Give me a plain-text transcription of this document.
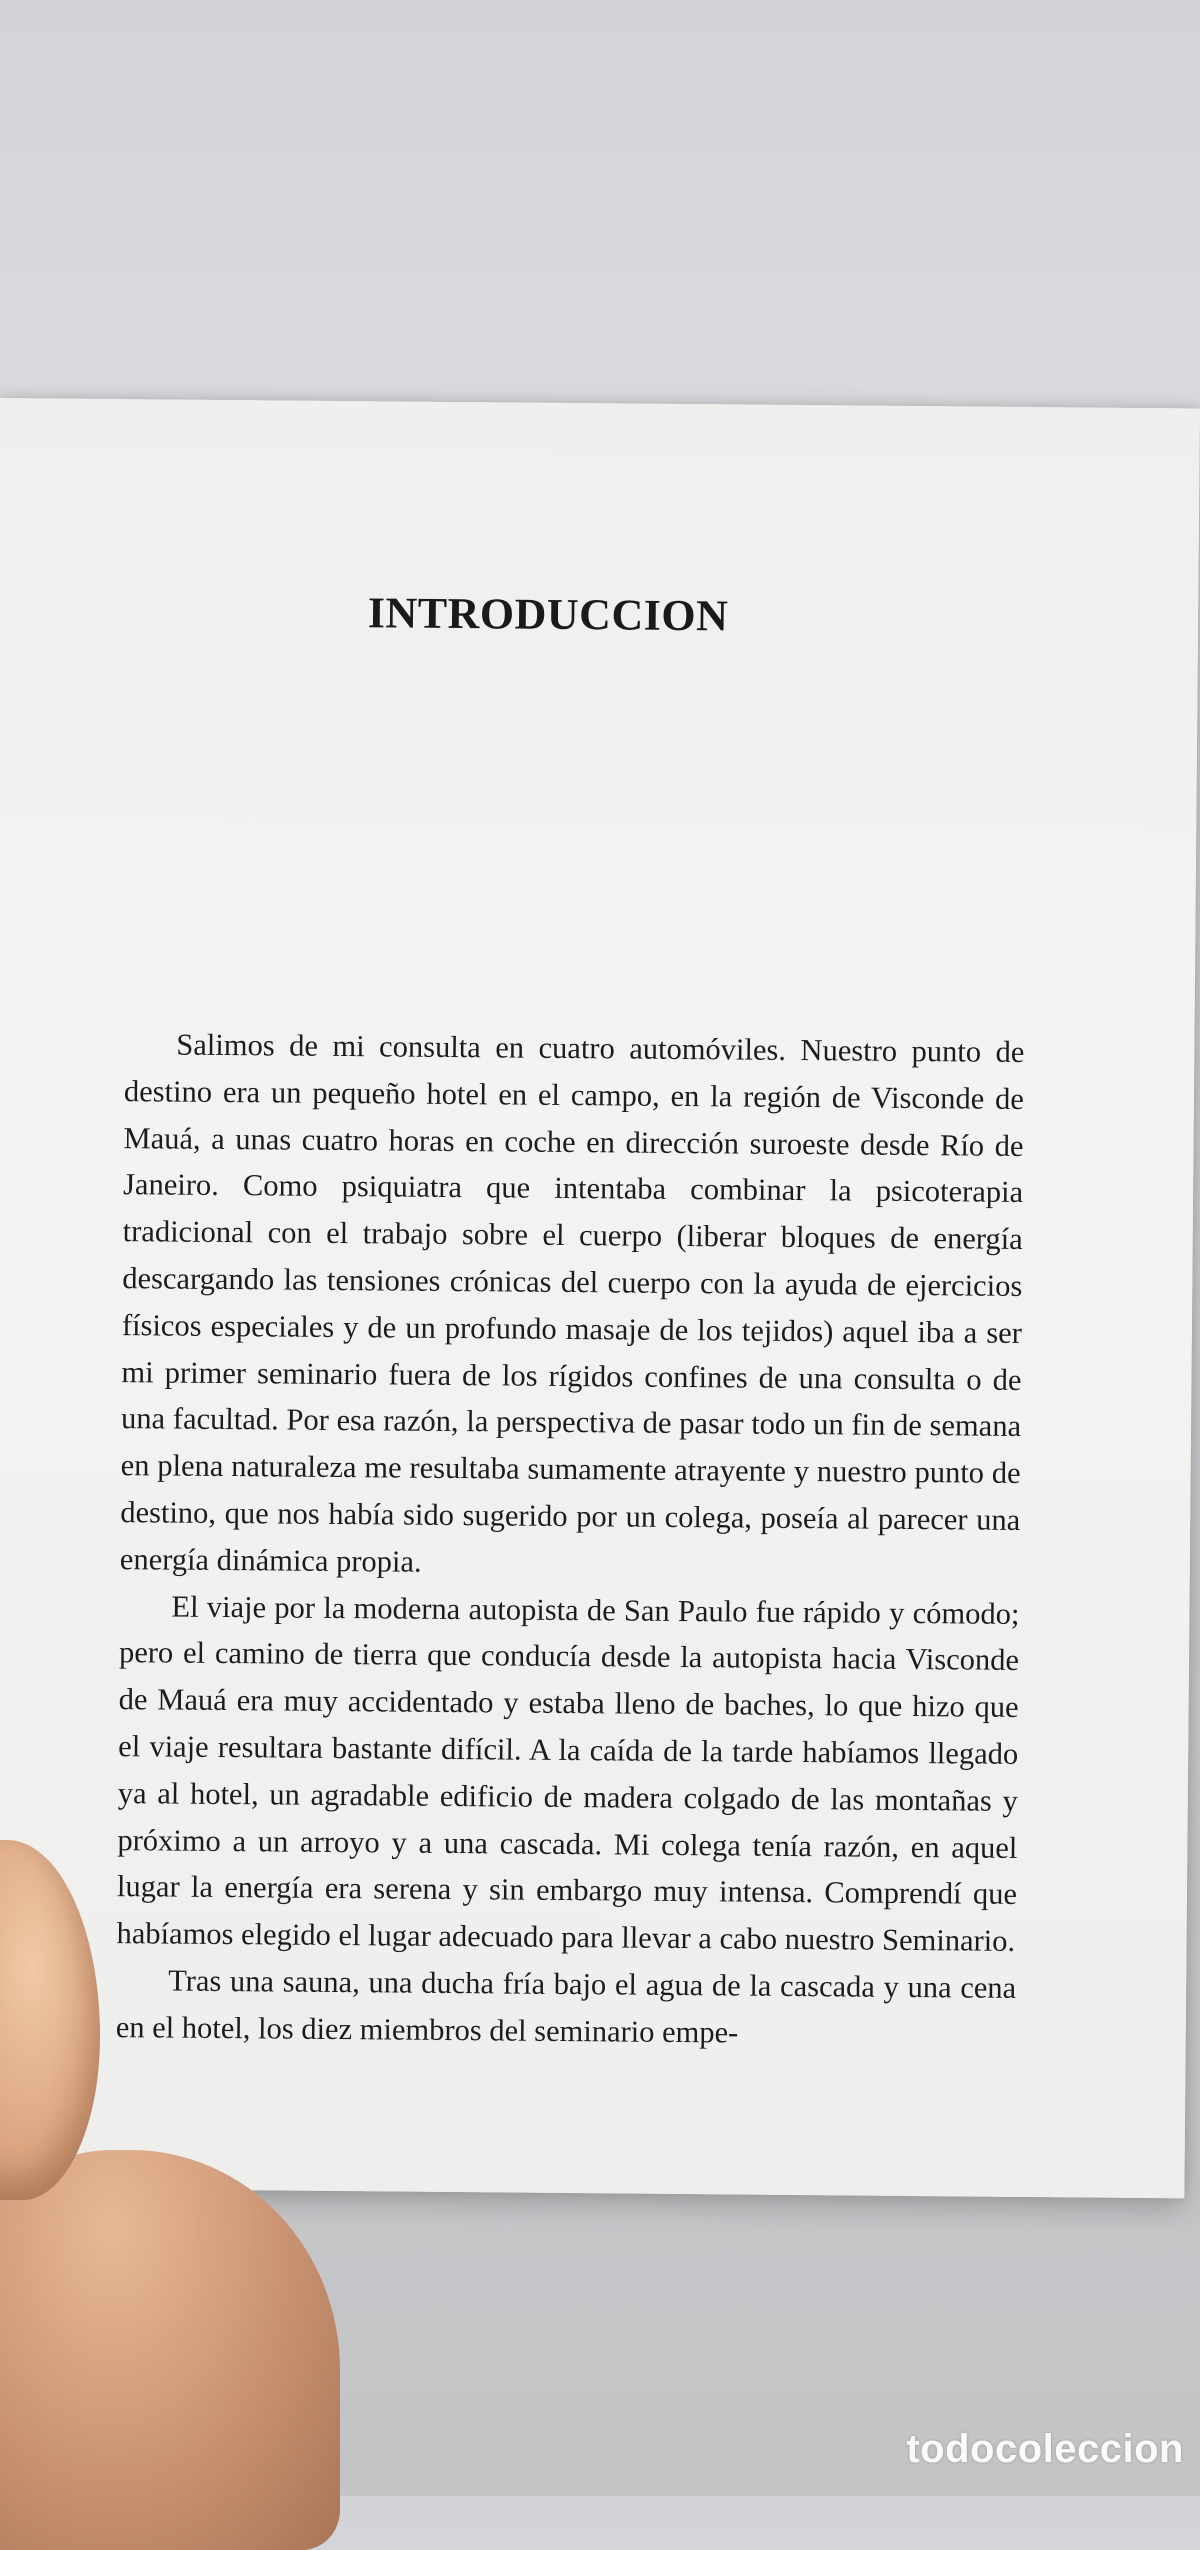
INTRODUCCION

Salimos de mi consulta en cuatro automóviles. Nuestro punto de destino era un pequeño hotel en el campo, en la región de Visconde de Mauá, a unas cuatro horas en coche en dirección suroeste desde Río de Janeiro. Como psiquiatra que intentaba combinar la psicoterapia tradicional con el trabajo sobre el cuerpo (liberar bloques de energía descargando las tensiones crónicas del cuerpo con la ayuda de ejercicios físicos especiales y de un profundo masaje de los tejidos) aquel iba a ser mi primer seminario fuera de los rígidos confines de una consulta o de una facultad. Por esa razón, la perspectiva de pasar todo un fin de semana en plena naturaleza me resultaba sumamente atrayente y nuestro punto de destino, que nos había sido sugerido por un colega, poseía al parecer una energía dinámica propia.

El viaje por la moderna autopista de San Paulo fue rápido y cómodo; pero el camino de tierra que conducía desde la autopista hacia Visconde de Mauá era muy accidentado y estaba lleno de baches, lo que hizo que el viaje resultara bastante difícil. A la caída de la tarde habíamos llegado ya al hotel, un agradable edificio de madera colgado de las montañas y próximo a un arroyo y a una cascada. Mi colega tenía razón, en aquel lugar la energía era serena y sin embargo muy intensa. Comprendí que habíamos elegido el lugar adecuado para llevar a cabo nuestro Seminario.

Tras una sauna, una ducha fría bajo el agua de la cascada y una cena en el hotel, los diez miembros del seminario empe-

todocoleccion
